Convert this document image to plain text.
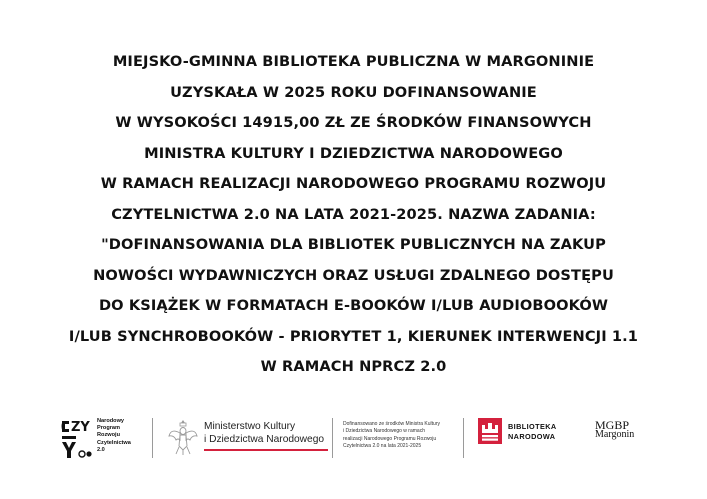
MIEJSKO-GMINNA BIBLIOTEKA PUBLICZNA W MARGONINIE
UZYSKAŁA W 2025 ROKU DOFINANSOWANIE
W WYSOKOŚCI 14915,00 ZŁ ZE ŚRODKÓW FINANSOWYCH
MINISTRA KULTURY I DZIEDZICTWA NARODOWEGO
W RAMACH REALIZACJI NARODOWEGO PROGRAMU ROZWOJU
CZYTELNICTWA 2.0 NA LATA 2021-2025. NAZWA ZADANIA:
"DOFINANSOWANIA DLA BIBLIOTEK PUBLICZNYCH NA ZAKUP
NOWOŚCI WYDAWNICZYCH ORAZ USŁUGI ZDALNEGO DOSTĘPU
DO KSIĄŻEK W FORMATACH E-BOOKÓW I/LUB AUDIOBOOKÓW
I/LUB SYNCHROBOOKÓW - PRIORYTET 1, KIERUNEK INTERWENCJI 1.1
W RAMACH NPRCZ 2.0
ZY Narodowy
Program
Rozwoju
Czytelnictwa
2.0
Ministerstwo Kultury
i Dziedzictwa Narodowego
Dofinansowano ze środków Ministra Kultury
i Dziedzictwa Narodowego w ramach
realizacji Narodowego Programu Rozwoju
Czytelnictwa 2.0 na lata 2021-2025
BIBLIOTEKA
NARODOWA
MGBP
Margonin
